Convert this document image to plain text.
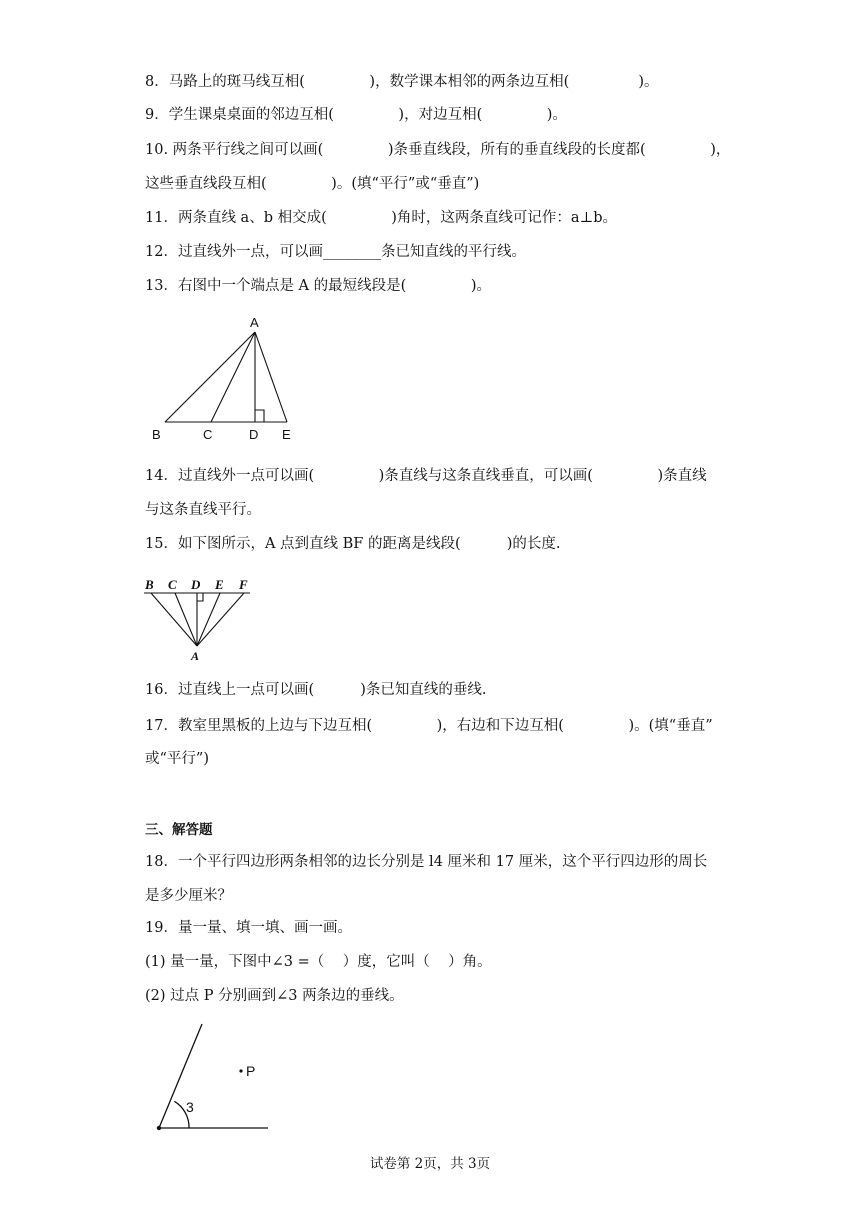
8．马路上的斑马线互相(              )，数学课本相邻的两条边互相(               )。
9．学生课桌桌面的邻边互相(              )，对边互相(              )。
10. 两条平行线之间可以画(              )条垂直线段，所有的垂直线段的长度都(              )，
这些垂直线段互相(              )。(填“平行”或“垂直”)
11．两条直线 a、b 相交成(              )角时，这两条直线可记作：a⊥b。
12．过直线外一点，可以画________条已知直线的平行线。
13．右图中一个端点是 A 的最短线段是(              )。
A
B	C	D E
14．过直线外一点可以画(              )条直线与这条直线垂直，可以画(              )条直线
与这条直线平行。
15．如下图所示，A 点到直线 BF 的距离是线段(          )的长度.
B C D E F
A
16．过直线上一点可以画(          )条已知直线的垂线.
17．教室里黑板的上边与下边互相(              )，右边和下边互相(              )。(填“垂直”
或“平行”)
三、解答题
18．一个平行四边形两条相邻的边长分别是 l4 厘米和 17 厘米，这个平行四边形的周长
是多少厘米？
19．量一量、填一填、画一画。
(1) 量一量，下图中∠3 =（    ）度，它叫（    ）角。
(2) 过点 P 分别画到∠3 两条边的垂线。
3
P
试卷第 2页，共 3页
